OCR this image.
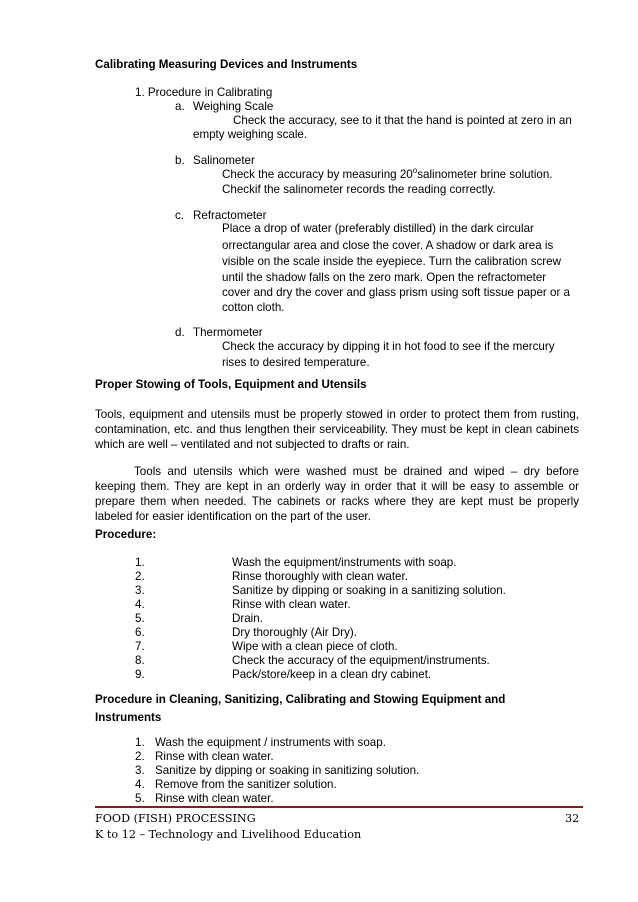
Calibrating Measuring Devices and Instruments
1. Procedure in Calibrating
a. Weighing Scale
Check the accuracy, see to it that the hand is pointed at zero in an
empty weighing scale.
b. Salinometer
Check the accuracy by measuring 20$^o$salinometer brine solution.
Checkif the salinometer records the reading correctly.
c. Refractometer
Place a drop of water (preferably distilled) in the dark circular
orrectangular area and close the cover. A shadow or dark area is
visible on the scale inside the eyepiece. Turn the calibration screw
until the shadow falls on the zero mark. Open the refractometer
cover and dry the cover and glass prism using soft tissue paper or a
cotton cloth.
d. Thermometer
Check the accuracy by dipping it in hot food to see if the mercury
rises to desired temperature.
Proper Stowing of Tools, Equipment and Utensils
Tools, equipment and utensils must be properly stowed in order to protect them from rusting, contamination, etc. and thus lengthen their serviceability. They must be kept in clean cabinets which are well – ventilated and not subjected to drafts or rain.
Tools and utensils which were washed must be drained and wiped – dry before keeping them. They are kept in an orderly way in order that it will be easy to assemble or prepare them when needed. The cabinets or racks where they are kept must be properly labeled for easier identification on the part of the user.
Procedure:
1.	Wash the equipment/instruments with soap.
2.	Rinse thoroughly with clean water.
3.	Sanitize by dipping or soaking in a sanitizing solution.
4.	Rinse with clean water.
5.	Drain.
6.	Dry thoroughly (Air Dry).
7.	Wipe with a clean piece of cloth.
8.	Check the accuracy of the equipment/instruments.
9.	Pack/store/keep in a clean dry cabinet.
Procedure in Cleaning, Sanitizing, Calibrating and Stowing Equipment and
Instruments
1. Wash the equipment / instruments with soap.
2. Rinse with clean water.
3. Sanitize by dipping or soaking in sanitizing solution.
4. Remove from the sanitizer solution.
5. Rinse with clean water.
FOOD (FISH) PROCESSING	32
K to 12 – Technology and Livelihood Education
